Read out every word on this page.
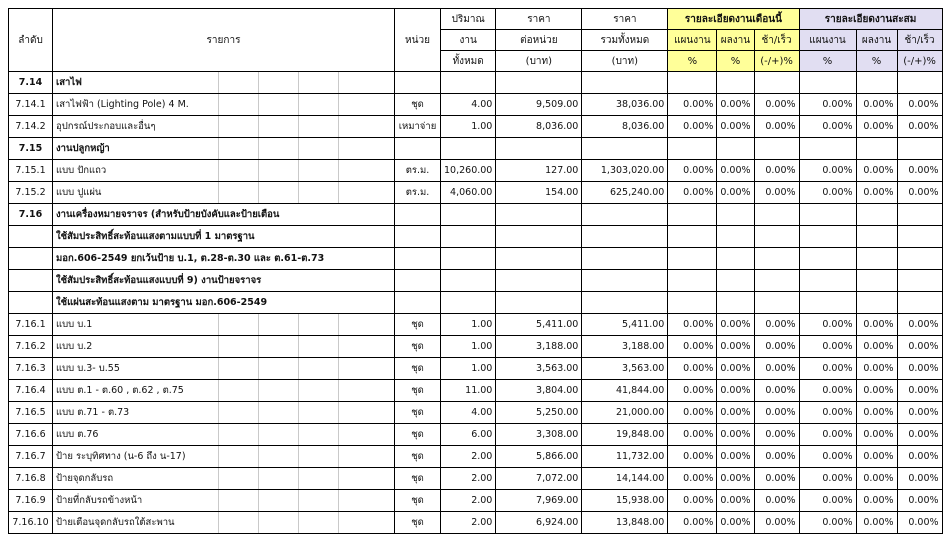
ลำดับ	รายการ	หน่วย	ปริมาณ	ราคา	ราคา	รายละเอียดงานเดือนนี้			รายละเอียดงานสะสม		
			งาน	ต่อหน่วย	รวมทั้งหมด	แผนงาน	ผลงาน	ช้า/เร็ว	แผนงาน	ผลงาน	ช้า/เร็ว
			ทั้งหมด	(บาท)	(บาท)	%	%	(-/+)%	%	%	(-/+)%
7.14	เสาไฟ										
7.14.1	เสาไฟฟ้า (Lighting Pole) 4 M.	ชุด	4.00	9,509.00	38,036.00	0.00%	0.00%	0.00%	0.00%	0.00%	0.00%
7.14.2	อุปกรณ์ประกอบและอื่นๆ	เหมาจ่าย	1.00	8,036.00	8,036.00	0.00%	0.00%	0.00%	0.00%	0.00%	0.00%
7.15	งานปลูกหญ้า										
7.15.1	แบบ ปักแถว	ตร.ม.	10,260.00	127.00	1,303,020.00	0.00%	0.00%	0.00%	0.00%	0.00%	0.00%
7.15.2	แบบ ปูแผ่น	ตร.ม.	4,060.00	154.00	625,240.00	0.00%	0.00%	0.00%	0.00%	0.00%	0.00%
7.16	งานเครื่องหมายจราจร (สำหรับป้ายบังคับและป้ายเตือน										
	ใช้สัมประสิทธิ์สะท้อนแสงตามแบบที่ 1 มาตรฐาน										
	มอก.606-2549 ยกเว้นป้าย บ.1, ต.28-ต.30 และ ต.61-ต.73										
	ใช้สัมประสิทธิ์สะท้อนแสงแบบที่ 9) งานป้ายจราจร										
	ใช้แผ่นสะท้อนแสงตาม มาตรฐาน มอก.606-2549										
7.16.1	แบบ บ.1	ชุด	1.00	5,411.00	5,411.00	0.00%	0.00%	0.00%	0.00%	0.00%	0.00%
7.16.2	แบบ บ.2	ชุด	1.00	3,188.00	3,188.00	0.00%	0.00%	0.00%	0.00%	0.00%	0.00%
7.16.3	แบบ บ.3- บ.55	ชุด	1.00	3,563.00	3,563.00	0.00%	0.00%	0.00%	0.00%	0.00%	0.00%
7.16.4	แบบ ต.1 - ต.60 , ต.62 , ต.75	ชุด	11.00	3,804.00	41,844.00	0.00%	0.00%	0.00%	0.00%	0.00%	0.00%
7.16.5	แบบ ต.71 - ต.73	ชุด	4.00	5,250.00	21,000.00	0.00%	0.00%	0.00%	0.00%	0.00%	0.00%
7.16.6	แบบ ต.76	ชุด	6.00	3,308.00	19,848.00	0.00%	0.00%	0.00%	0.00%	0.00%	0.00%
7.16.7	ป้าย ระบุทิศทาง (น-6 ถึง น-17)	ชุด	2.00	5,866.00	11,732.00	0.00%	0.00%	0.00%	0.00%	0.00%	0.00%
7.16.8	ป้ายจุดกลับรถ	ชุด	2.00	7,072.00	14,144.00	0.00%	0.00%	0.00%	0.00%	0.00%	0.00%
7.16.9	ป้ายที่กลับรถข้างหน้า	ชุด	2.00	7,969.00	15,938.00	0.00%	0.00%	0.00%	0.00%	0.00%	0.00%
7.16.10	ป้ายเตือนจุดกลับรถใต้สะพาน	ชุด	2.00	6,924.00	13,848.00	0.00%	0.00%	0.00%	0.00%	0.00%	0.00%
